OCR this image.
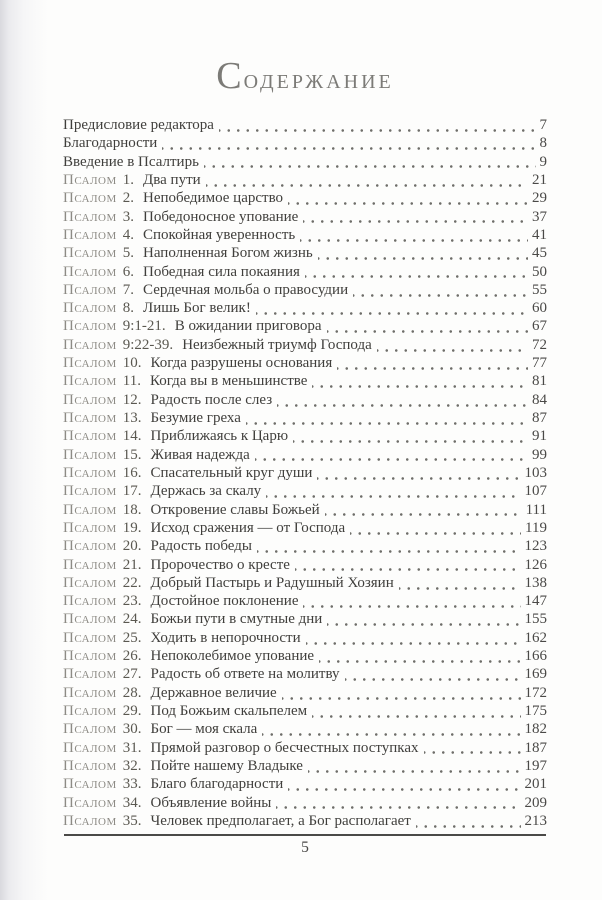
Содержание
Предисловие редактора	7
Благодарности	8
Введение в Псалтирь	9
Псалом 1. Два пути	21
Псалом 2. Непобедимое царство	29
Псалом 3. Победоносное упование	37
Псалом 4. Спокойная уверенность	41
Псалом 5. Наполненная Богом жизнь	45
Псалом 6. Победная сила покаяния	50
Псалом 7. Сердечная мольба о правосудии	55
Псалом 8. Лишь Бог велик!	60
Псалом 9:1-21. В ожидании приговора	67
Псалом 9:22-39. Неизбежный триумф Господа	72
Псалом 10. Когда разрушены основания	77
Псалом 11. Когда вы в меньшинстве	81
Псалом 12. Радость после слез	84
Псалом 13. Безумие греха	87
Псалом 14. Приближаясь к Царю	91
Псалом 15. Живая надежда	99
Псалом 16. Спасательный круг души	103
Псалом 17. Держась за скалу	107
Псалом 18. Откровение славы Божьей	111
Псалом 19. Исход сражения — от Господа	119
Псалом 20. Радость победы	123
Псалом 21. Пророчество о кресте	126
Псалом 22. Добрый Пастырь и Радушный Хозяин	138
Псалом 23. Достойное поклонение	147
Псалом 24. Божьи пути в смутные дни	155
Псалом 25. Ходить в непорочности	162
Псалом 26. Непоколебимое упование	166
Псалом 27. Радость об ответе на молитву	169
Псалом 28. Державное величие	172
Псалом 29. Под Божьим скальпелем	175
Псалом 30. Бог — моя скала	182
Псалом 31. Прямой разговор о бесчестных поступках	187
Псалом 32. Пойте нашему Владыке	197
Псалом 33. Благо благодарности	201
Псалом 34. Объявление войны	209
Псалом 35. Человек предполагает, а Бог располагает	213
5
